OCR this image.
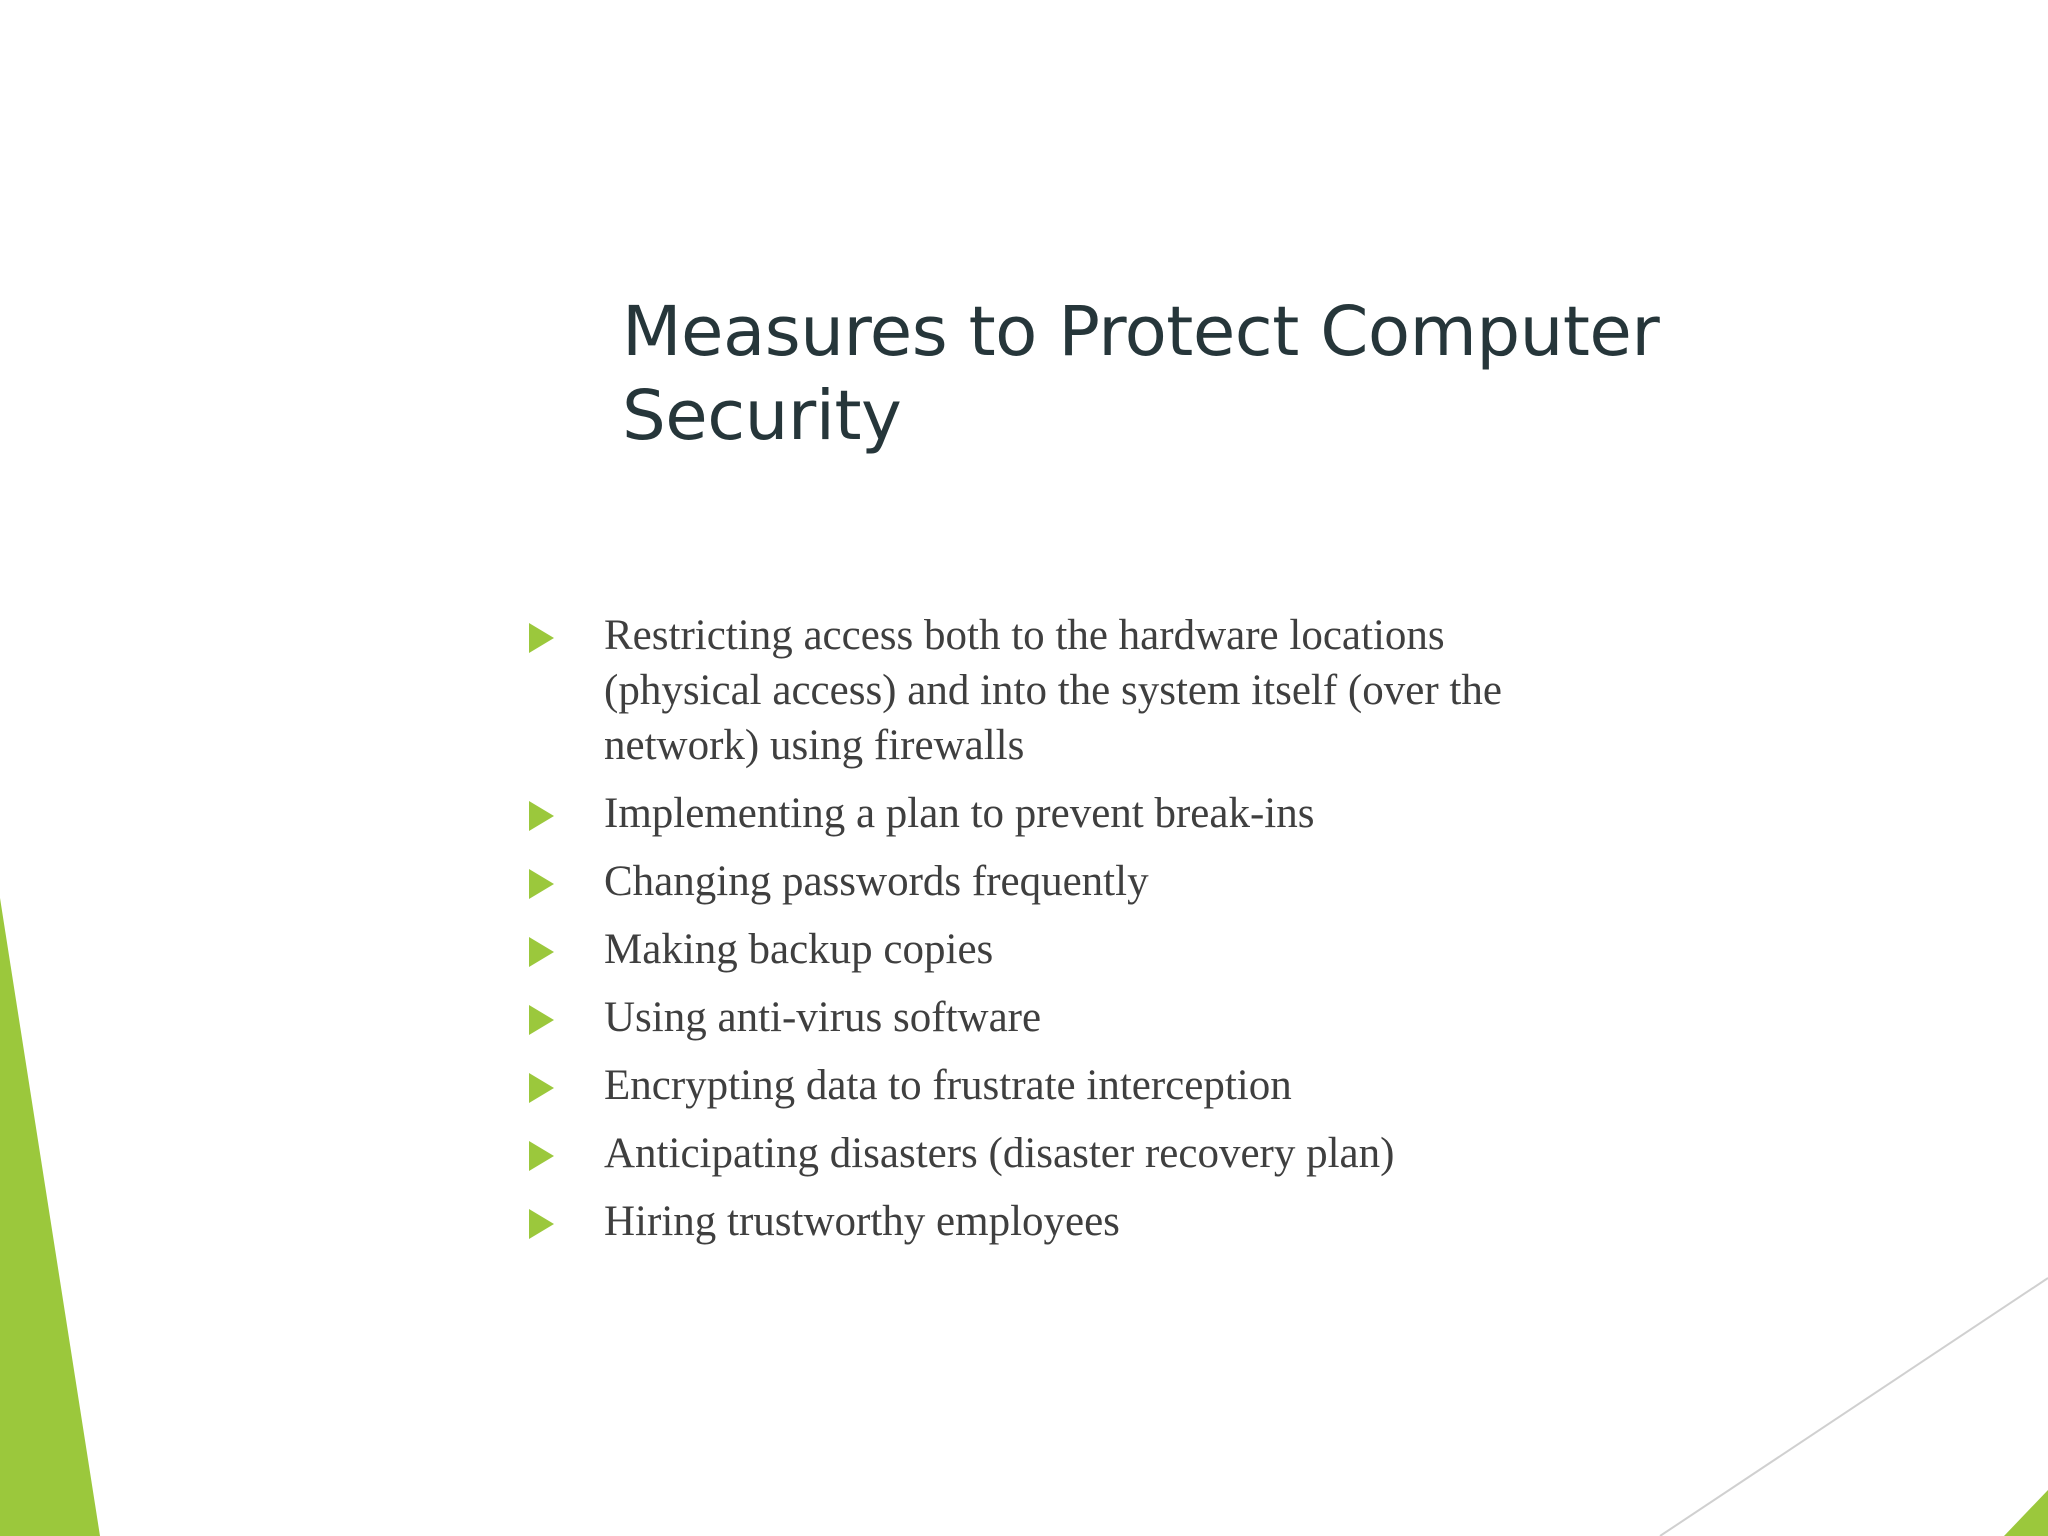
Measures to Protect Computer Security
Restricting access both to the hardware locations (physical access) and into the system itself (over the network) using firewalls
Implementing a plan to prevent break-ins
Changing passwords frequently
Making backup copies
Using anti-virus software
Encrypting data to frustrate interception
Anticipating disasters (disaster recovery plan)
Hiring trustworthy employees
